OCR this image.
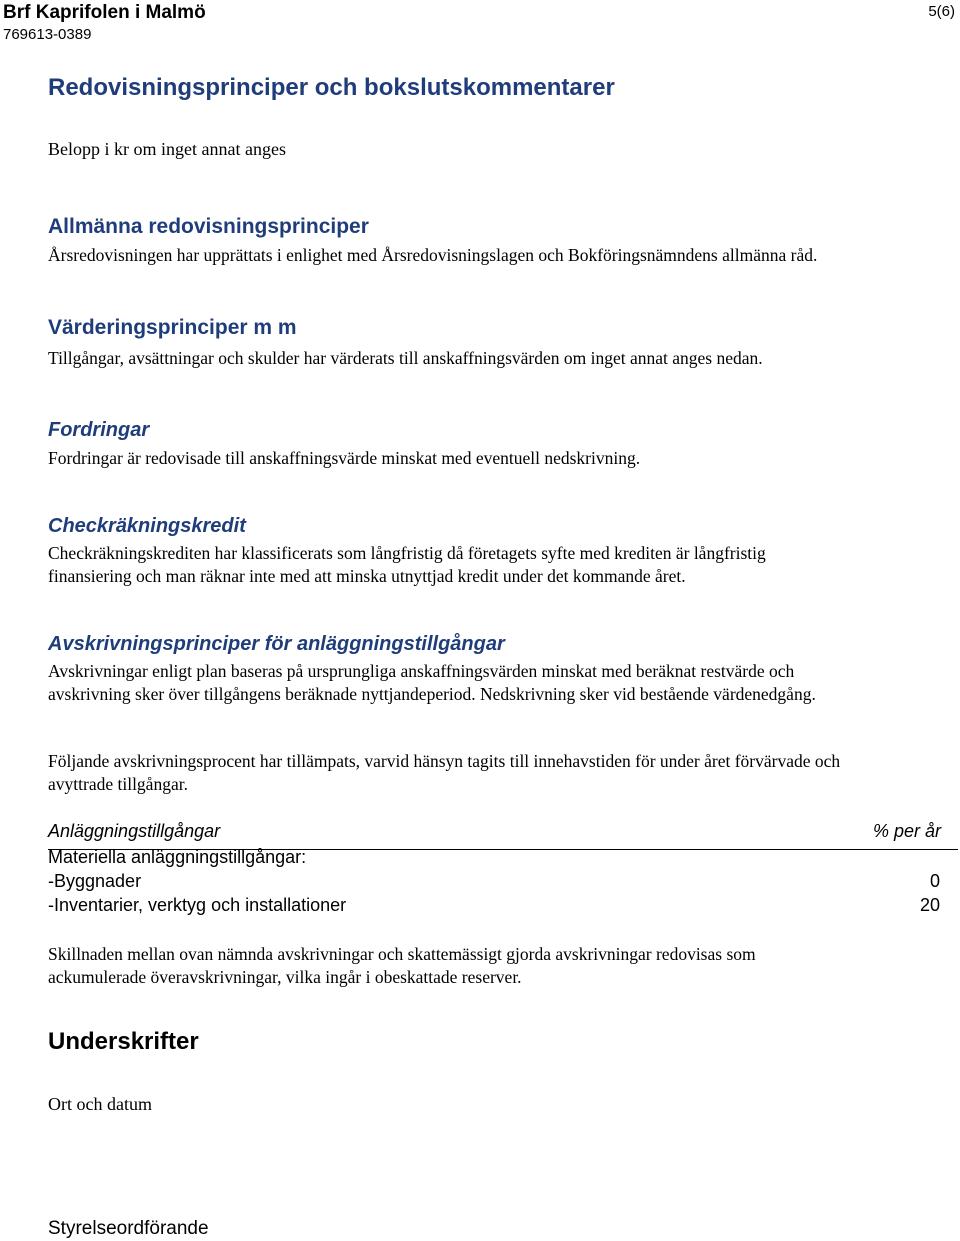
Brf Kaprifolen i Malmö
769613-0389
5(6)
Redovisningsprinciper och bokslutskommentarer
Belopp i kr om inget annat anges
Allmänna redovisningsprinciper
Årsredovisningen har upprättats i enlighet med Årsredovisningslagen och Bokföringsnämndens allmänna råd.
Värderingsprinciper m m
Tillgångar, avsättningar och skulder har värderats till anskaffningsvärden om inget annat anges nedan.
Fordringar
Fordringar är redovisade till anskaffningsvärde minskat med eventuell nedskrivning.
Checkräkningskredit
Checkräkningskrediten har klassificerats som långfristig då företagets syfte med krediten är långfristig
finansiering och man räknar inte med att minska utnyttjad kredit under det kommande året.
Avskrivningsprinciper för anläggningstillgångar
Avskrivningar enligt plan baseras på ursprungliga anskaffningsvärden minskat med beräknat restvärde och
avskrivning sker över tillgångens beräknade nyttjandeperiod. Nedskrivning sker vid bestående värdenedgång.
Följande avskrivningsprocent har tillämpats, varvid hänsyn tagits till innehavstiden för under året förvärvade och
avyttrade tillgångar.
Anläggningstillgångar	% per år
Materiella anläggningstillgångar:
-Byggnader	0
-Inventarier, verktyg och installationer	20
Skillnaden mellan ovan nämnda avskrivningar och skattemässigt gjorda avskrivningar redovisas som
ackumulerade överavskrivningar, vilka ingår i obeskattade reserver.
Underskrifter
Ort och datum
Styrelseordförande
